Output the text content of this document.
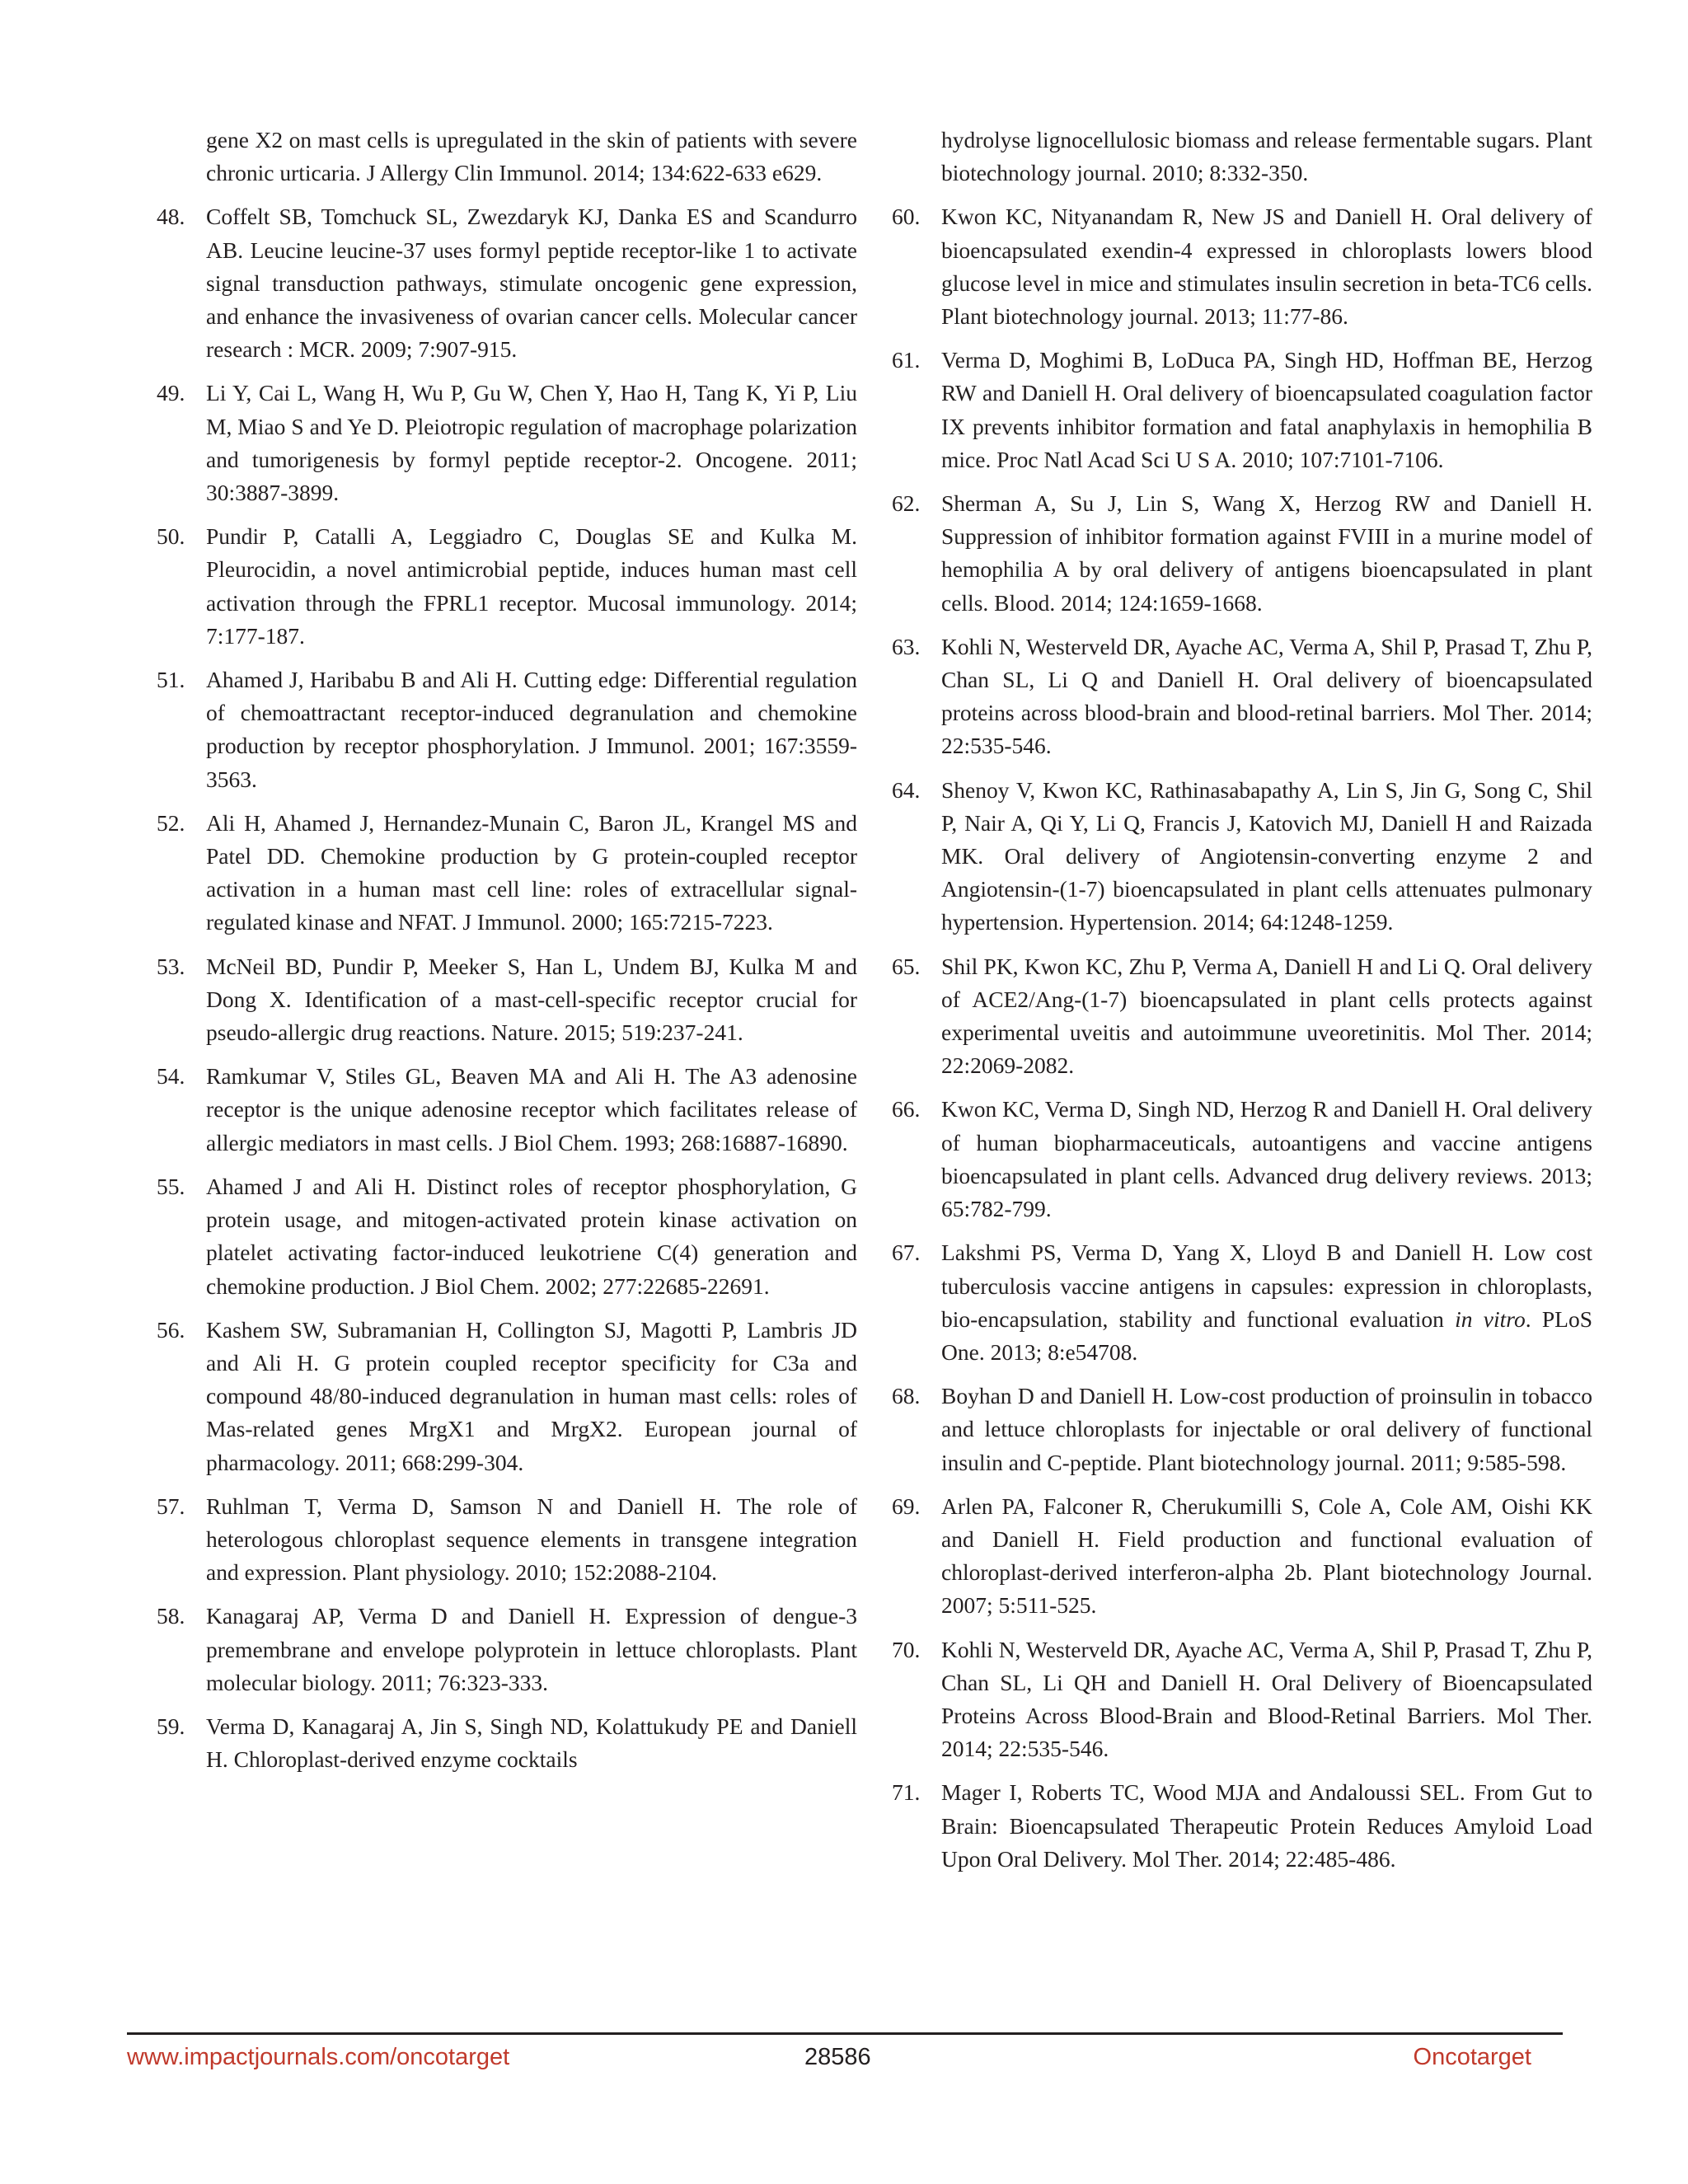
gene X2 on mast cells is upregulated in the skin of patients with severe chronic urticaria. J Allergy Clin Immunol. 2014; 134:622-633 e629.
48. Coffelt SB, Tomchuck SL, Zwezdaryk KJ, Danka ES and Scandurro AB. Leucine leucine-37 uses formyl peptide receptor-like 1 to activate signal transduction pathways, stimulate oncogenic gene expression, and enhance the invasiveness of ovarian cancer cells. Molecular cancer research : MCR. 2009; 7:907-915.
49. Li Y, Cai L, Wang H, Wu P, Gu W, Chen Y, Hao H, Tang K, Yi P, Liu M, Miao S and Ye D. Pleiotropic regulation of macrophage polarization and tumorigenesis by formyl peptide receptor-2. Oncogene. 2011; 30:3887-3899.
50. Pundir P, Catalli A, Leggiadro C, Douglas SE and Kulka M. Pleurocidin, a novel antimicrobial peptide, induces human mast cell activation through the FPRL1 receptor. Mucosal immunology. 2014; 7:177-187.
51. Ahamed J, Haribabu B and Ali H. Cutting edge: Differential regulation of chemoattractant receptor-induced degranulation and chemokine production by receptor phosphorylation. J Immunol. 2001; 167:3559-3563.
52. Ali H, Ahamed J, Hernandez-Munain C, Baron JL, Krangel MS and Patel DD. Chemokine production by G protein-coupled receptor activation in a human mast cell line: roles of extracellular signal-regulated kinase and NFAT. J Immunol. 2000; 165:7215-7223.
53. McNeil BD, Pundir P, Meeker S, Han L, Undem BJ, Kulka M and Dong X. Identification of a mast-cell-specific receptor crucial for pseudo-allergic drug reactions. Nature. 2015; 519:237-241.
54. Ramkumar V, Stiles GL, Beaven MA and Ali H. The A3 adenosine receptor is the unique adenosine receptor which facilitates release of allergic mediators in mast cells. J Biol Chem. 1993; 268:16887-16890.
55. Ahamed J and Ali H. Distinct roles of receptor phosphorylation, G protein usage, and mitogen-activated protein kinase activation on platelet activating factor-induced leukotriene C(4) generation and chemokine production. J Biol Chem. 2002; 277:22685-22691.
56. Kashem SW, Subramanian H, Collington SJ, Magotti P, Lambris JD and Ali H. G protein coupled receptor specificity for C3a and compound 48/80-induced degranulation in human mast cells: roles of Mas-related genes MrgX1 and MrgX2. European journal of pharmacology. 2011; 668:299-304.
57. Ruhlman T, Verma D, Samson N and Daniell H. The role of heterologous chloroplast sequence elements in transgene integration and expression. Plant physiology. 2010; 152:2088-2104.
58. Kanagaraj AP, Verma D and Daniell H. Expression of dengue-3 premembrane and envelope polyprotein in lettuce chloroplasts. Plant molecular biology. 2011; 76:323-333.
59. Verma D, Kanagaraj A, Jin S, Singh ND, Kolattukudy PE and Daniell H. Chloroplast-derived enzyme cocktails
hydrolyse lignocellulosic biomass and release fermentable sugars. Plant biotechnology journal. 2010; 8:332-350.
60. Kwon KC, Nityanandam R, New JS and Daniell H. Oral delivery of bioencapsulated exendin-4 expressed in chloroplasts lowers blood glucose level in mice and stimulates insulin secretion in beta-TC6 cells. Plant biotechnology journal. 2013; 11:77-86.
61. Verma D, Moghimi B, LoDuca PA, Singh HD, Hoffman BE, Herzog RW and Daniell H. Oral delivery of bioencapsulated coagulation factor IX prevents inhibitor formation and fatal anaphylaxis in hemophilia B mice. Proc Natl Acad Sci U S A. 2010; 107:7101-7106.
62. Sherman A, Su J, Lin S, Wang X, Herzog RW and Daniell H. Suppression of inhibitor formation against FVIII in a murine model of hemophilia A by oral delivery of antigens bioencapsulated in plant cells. Blood. 2014; 124:1659-1668.
63. Kohli N, Westerveld DR, Ayache AC, Verma A, Shil P, Prasad T, Zhu P, Chan SL, Li Q and Daniell H. Oral delivery of bioencapsulated proteins across blood-brain and blood-retinal barriers. Mol Ther. 2014; 22:535-546.
64. Shenoy V, Kwon KC, Rathinasabapathy A, Lin S, Jin G, Song C, Shil P, Nair A, Qi Y, Li Q, Francis J, Katovich MJ, Daniell H and Raizada MK. Oral delivery of Angiotensin-converting enzyme 2 and Angiotensin-(1-7) bioencapsulated in plant cells attenuates pulmonary hypertension. Hypertension. 2014; 64:1248-1259.
65. Shil PK, Kwon KC, Zhu P, Verma A, Daniell H and Li Q. Oral delivery of ACE2/Ang-(1-7) bioencapsulated in plant cells protects against experimental uveitis and autoimmune uveoretinitis. Mol Ther. 2014; 22:2069-2082.
66. Kwon KC, Verma D, Singh ND, Herzog R and Daniell H. Oral delivery of human biopharmaceuticals, autoantigens and vaccine antigens bioencapsulated in plant cells. Advanced drug delivery reviews. 2013; 65:782-799.
67. Lakshmi PS, Verma D, Yang X, Lloyd B and Daniell H. Low cost tuberculosis vaccine antigens in capsules: expression in chloroplasts, bio-encapsulation, stability and functional evaluation in vitro. PLoS One. 2013; 8:e54708.
68. Boyhan D and Daniell H. Low-cost production of proinsulin in tobacco and lettuce chloroplasts for injectable or oral delivery of functional insulin and C-peptide. Plant biotechnology journal. 2011; 9:585-598.
69. Arlen PA, Falconer R, Cherukumilli S, Cole A, Cole AM, Oishi KK and Daniell H. Field production and functional evaluation of chloroplast-derived interferon-alpha 2b. Plant biotechnology Journal. 2007; 5:511-525.
70. Kohli N, Westerveld DR, Ayache AC, Verma A, Shil P, Prasad T, Zhu P, Chan SL, Li QH and Daniell H. Oral Delivery of Bioencapsulated Proteins Across Blood-Brain and Blood-Retinal Barriers. Mol Ther. 2014; 22:535-546.
71. Mager I, Roberts TC, Wood MJA and Andaloussi SEL. From Gut to Brain: Bioencapsulated Therapeutic Protein Reduces Amyloid Load Upon Oral Delivery. Mol Ther. 2014; 22:485-486.
www.impactjournals.com/oncotarget	28586	Oncotarget
